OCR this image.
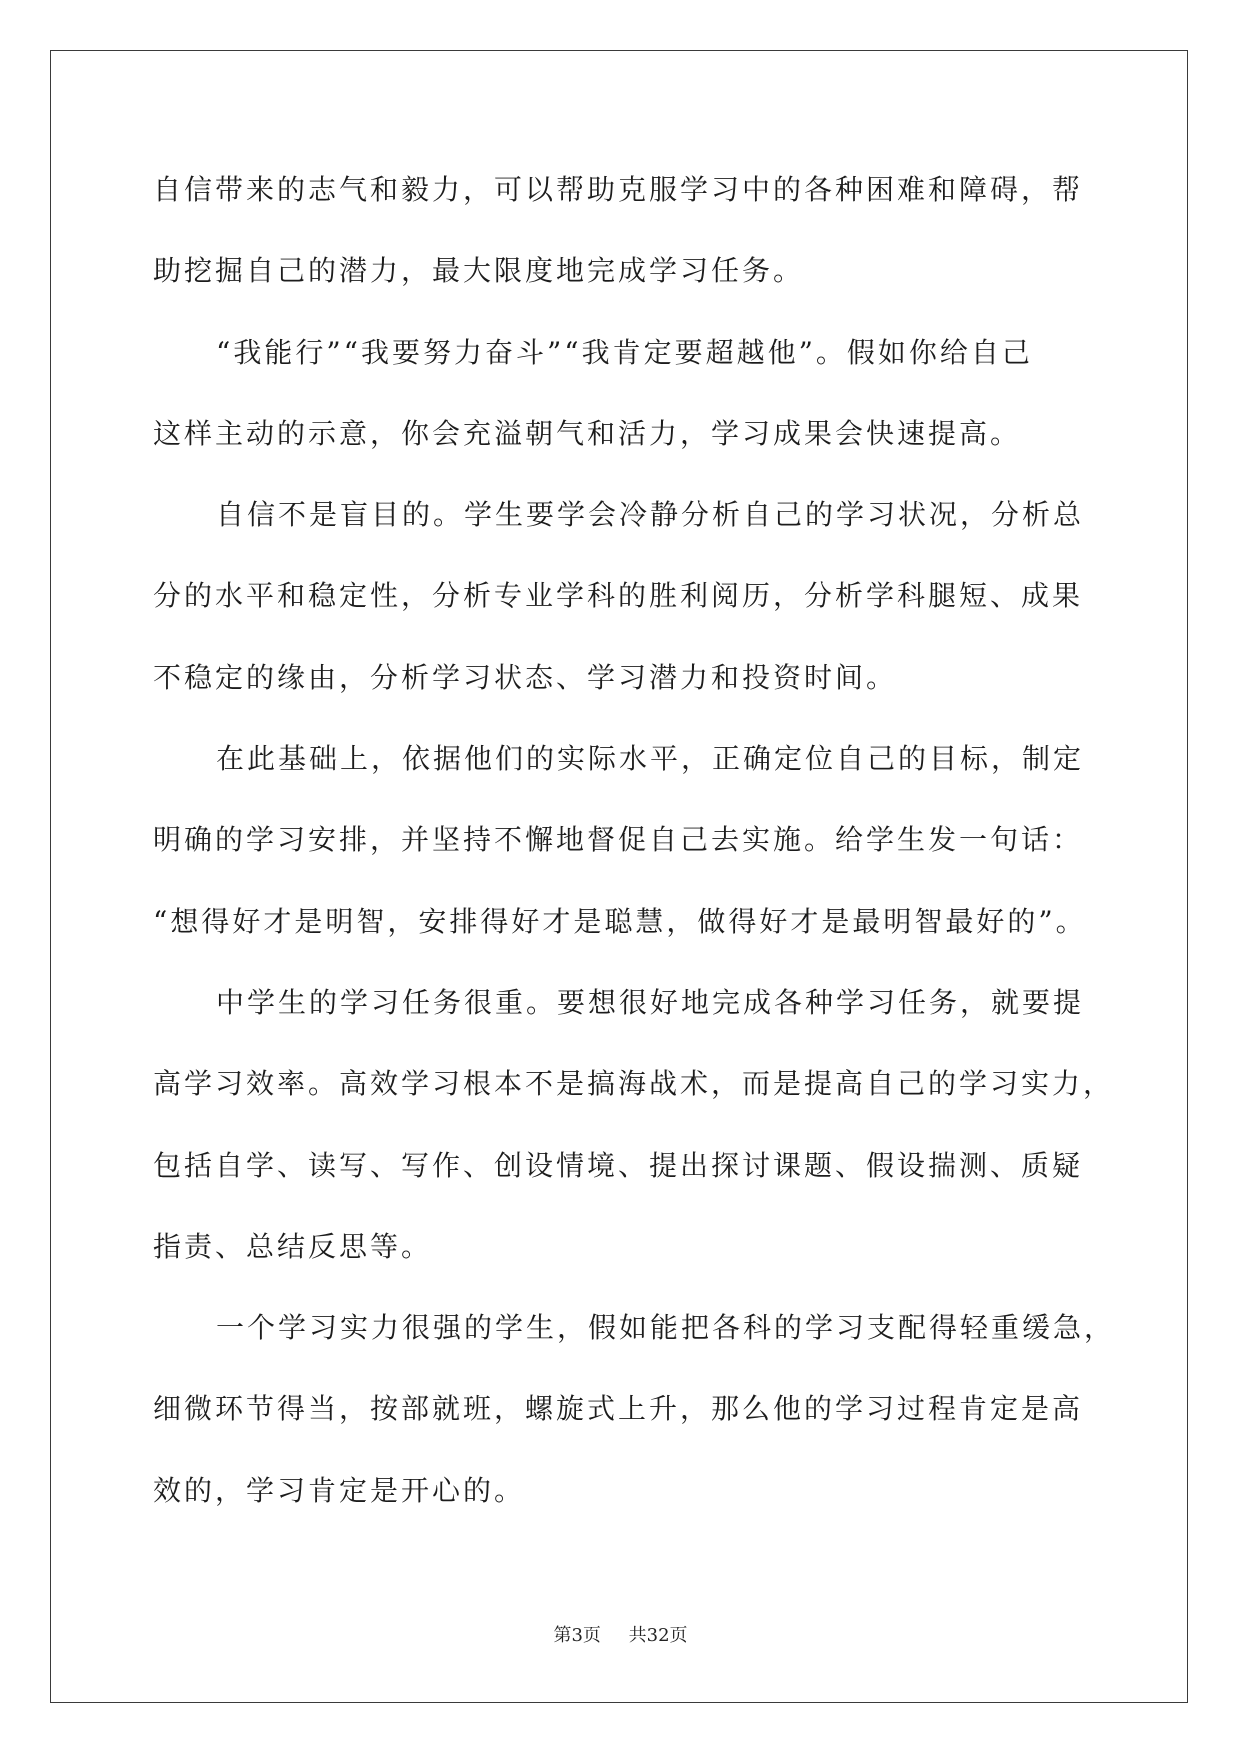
自信带来的志气和毅力，可以帮助克服学习中的各种困难和障碍，帮
助挖掘自己的潜力，最大限度地完成学习任务。
“我能行”“我要努力奋斗”“我肯定要超越他”。假如你给自己
这样主动的示意，你会充溢朝气和活力，学习成果会快速提高。
自信不是盲目的。学生要学会冷静分析自己的学习状况，分析总
分的水平和稳定性，分析专业学科的胜利阅历，分析学科腿短、成果
不稳定的缘由，分析学习状态、学习潜力和投资时间。
在此基础上，依据他们的实际水平，正确定位自己的目标，制定
明确的学习安排，并坚持不懈地督促自己去实施。给学生发一句话：
“想得好才是明智，安排得好才是聪慧，做得好才是最明智最好的”。
中学生的学习任务很重。要想很好地完成各种学习任务，就要提
高学习效率。高效学习根本不是搞海战术，而是提高自己的学习实力，
包括自学、读写、写作、创设情境、提出探讨课题、假设揣测、质疑
指责、总结反思等。
一个学习实力很强的学生，假如能把各科的学习支配得轻重缓急，
细微环节得当，按部就班，螺旋式上升，那么他的学习过程肯定是高
效的，学习肯定是开心的。
第3页 共32页
